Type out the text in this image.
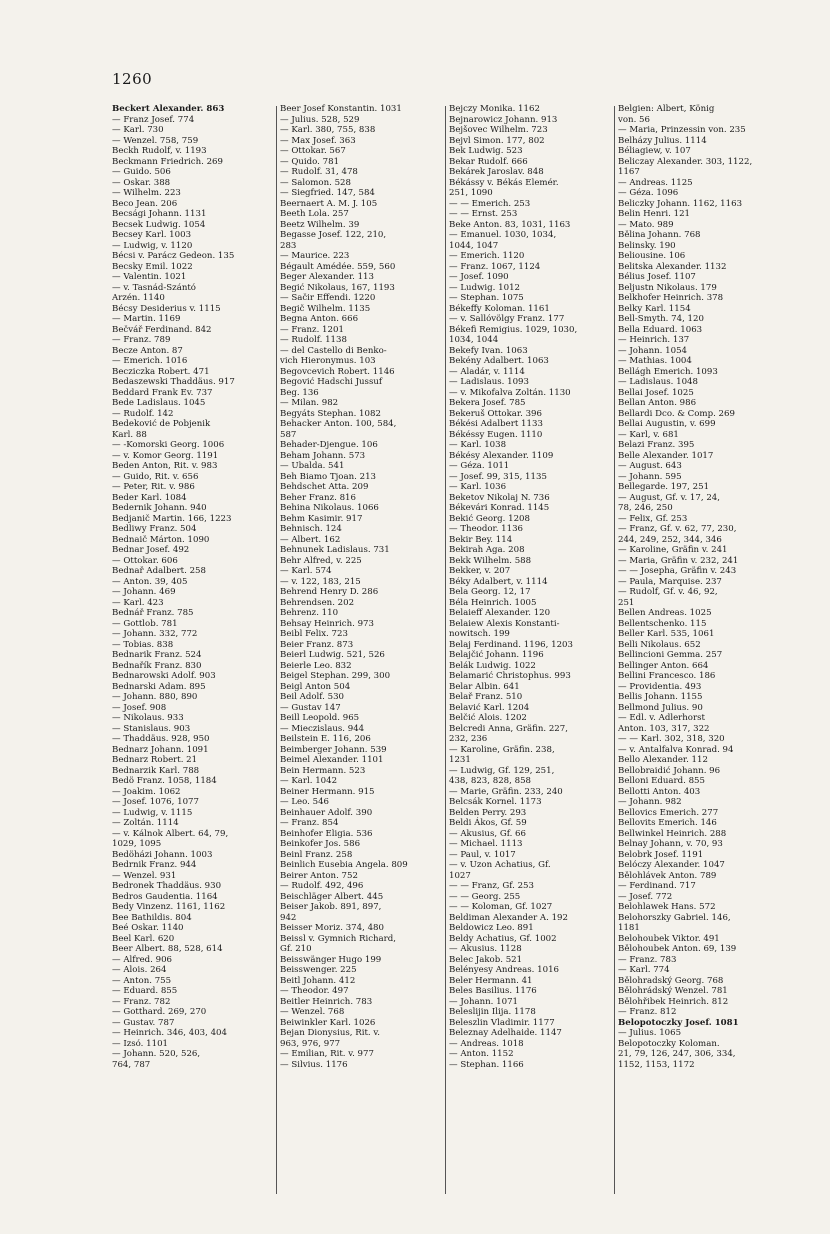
1260
Beckert Alexander. 863
— Franz Josef. 774
— Karl. 730
— Wenzel. 758, 759
Beckh Rudolf, v. 1193
Beckmann Friedrich. 269
— Guido. 506
— Oskar. 388
— Wilhelm. 223
Beco Jean. 206
Becsági Johann. 1131
Becsek Ludwig. 1054
Becsey Karl. 1003
— Ludwig, v. 1120
Bécsi v. Parácz Gedeon. 135
Becsky Emil. 1022
— Valentin. 1021
— v. Tasnád-Szántó
Arzén. 1140
Bécsy Desiderius v. 1115
— Martin. 1169
Bečvář Ferdinand. 842
— Franz. 789
Becze Anton. 87
— Emerich. 1016
Becziczka Robert. 471
Bedaszewski Thaddäus. 917
Beddard Frank Ev. 737
Bede Ladislaus. 1045
— Rudolf. 142
Bedeković de Pobjenik
Karl. 88
— -Komorski Georg. 1006
— v. Komor Georg. 1191
Beden Anton, Rit. v. 983
— Guido, Rit. v. 656
— Peter, Rit. v. 986
Beder Karl. 1084
Bedernik Johann. 940
Bedjanič Martin. 166, 1223
Bedliwy Franz. 504
Bednaič Márton. 1090
Bednar Josef. 492
— Ottokar. 606
Bednař Adalbert. 258
— Anton. 39, 405
— Johann. 469
— Karl. 423
Bednář Franz. 785
— Gottlob. 781
— Johann. 332, 772
— Tobias. 838
Bednarik Franz. 524
Bednařík Franz. 830
Bednarowski Adolf. 903
Bednarski Adam. 895
— Johann. 880, 890
— Josef. 908
— Nikolaus. 933
— Stanislaus. 903
— Thaddäus. 928, 950
Bednarz Johann. 1091
Bednarz Robert. 21
Bednarzik Karl. 788
Bedö Franz. 1058, 1184
— Joakim. 1062
— Josef. 1076, 1077
— Ludwig, v. 1115
— Zoltán. 1114
— v. Kálnok Albert. 64, 79,
1029, 1095
Bedöházi Johann. 1003
Bedrnik Franz. 944
— Wenzel. 931
Bedronek Thaddäus. 930
Bedros Gaudentia. 1164
Bedy Vinzenz. 1161, 1162
Bee Bathildis. 804
Beé Oskar. 1140
Beel Karl. 620
Beer Albert. 88, 528, 614
— Alfred. 906
— Alois. 264
— Anton. 755
— Eduard. 855
— Franz. 782
— Gotthard. 269, 270
— Gustav. 787
— Heinrich. 346, 403, 404
— Izsó. 1101
— Johann. 520, 526,
764, 787
Beer Josef Konstantin. 1031
— Julius. 528, 529
— Karl. 380, 755, 838
— Max Josef. 363
— Ottokar. 567
— Quido. 781
— Rudolf. 31, 478
— Salomon. 528
— Siegfried. 147, 584
Beernaert A. M. J. 105
Beeth Lola. 257
Beetz Wilhelm. 39
Begasse Josef. 122, 210,
283
— Maurice. 223
Bégault Amédée. 559, 560
Beger Alexander. 113
Begić Nikolaus, 167, 1193
— Sačir Effendi. 1220
Begič Wilhelm. 1135
Begna Anton. 666
— Franz. 1201
— Rudolf. 1138
— del Castello di Benko-
vich Hieronymus. 103
Begovcevich Robert. 1146
Begović Hadschi Jussuf
Beg. 136
— Milan. 982
Begyáts Stephan. 1082
Behacker Anton. 100, 584,
587
Behader-Djengue. 106
Beham Johann. 573
— Ubalda. 541
Beh Biamo Tjoan. 213
Behdschet Atta. 209
Beher Franz. 816
Behina Nikolaus. 1066
Behm Kasimir. 917
Behnisch. 124
— Albert. 162
Behnunek Ladislaus. 731
Behr Alfred, v. 225
— Karl. 574
— v. 122, 183, 215
Behrend Henry D. 286
Behrendsen. 202
Behrenz. 110
Behsay Heinrich. 973
Beibl Felix. 723
Beier Franz. 873
Beierl Ludwig. 521, 526
Beierle Leo. 832
Beigel Stephan. 299, 300
Beigl Anton 504
Beil Adolf. 530
— Gustav 147
Beill Leopold. 965
— Mieczislaus. 944
Beilstein E. 116, 206
Beimberger Johann. 539
Beimel Alexander. 1101
Bein Hermann. 523
— Karl. 1042
Beiner Hermann. 915
— Leo. 546
Beinhauer Adolf. 390
— Franz. 854
Beinhofer Eligia. 536
Beinkofer Jos. 586
Beinl Franz. 258
Beinlich Eusebia Angela. 809
Beirer Anton. 752
— Rudolf. 492, 496
Beischläger Albert. 445
Beiser Jakob. 891, 897,
942
Beisser Moriz. 374, 480
Beissl v. Gymnich Richard,
Gf. 210
Beisswänger Hugo 199
Beisswenger. 225
Beitl Johann. 412
— Theodor. 497
Beitler Heinrich. 783
— Wenzel. 768
Beiwinkler Karl. 1026
Bejan Dionysius, Rit. v.
963, 976, 977
— Emilian, Rit. v. 977
— Silvius. 1176
Bejczy Monika. 1162
Bejnarowicz Johann. 913
Bejšovec Wilhelm. 723
Bejvl Simon. 177, 802
Bek Ludwig. 523
Bekar Rudolf. 666
Bekárek Jaroslav. 848
Békássy v. Békás Elemér.
251, 1090
— — Emerich. 253
— — Ernst. 253
Beke Anton. 83, 1031, 1163
— Emanuel. 1030, 1034,
1044, 1047
— Emerich. 1120
— Franz. 1067, 1124
— Josef. 1090
— Ludwig. 1012
— Stephan. 1075
Békeffy Koloman. 1161
— v. Sallóvölgy Franz. 177
Békefi Remigius. 1029, 1030,
1034, 1044
Bekefy Ivan. 1063
Bekény Adalbert. 1063
— Aladár, v. 1114
— Ladislaus. 1093
— v. Mikofalva Zoltán. 1130
Bekera Josef. 785
Bekeruš Ottokar. 396
Békési Adalbert 1133
Békéssy Eugen. 1110
— Karl. 1038
Békésy Alexander. 1109
— Géza. 1011
— Josef. 99, 315, 1135
— Karl. 1036
Beketov Nikolaj N. 736
Békevári Konrad. 1145
Bekić Georg. 1208
— Theodor. 1136
Bekir Bey. 114
Bekirah Aga. 208
Bekk Wilhelm. 588
Bekker, v. 207
Béky Adalbert, v. 1114
Bela Georg. 12, 17
Béla Heinrich. 1005
Belaieff Alexander. 120
Belaiew Alexis Konstanti-
nowitsch. 199
Belaj Ferdinand. 1196, 1203
Belajčić Johann. 1196
Belák Ludwig. 1022
Belamarić Christophus. 993
Belar Albin. 641
Belař Franz. 510
Belavić Karl. 1204
Belčić Alois. 1202
Belcredi Anna, Gräfin. 227,
232, 236
— Karoline, Gräfin. 238,
1231
— Ludwig, Gf. 129, 251,
438, 823, 828, 858
— Marie, Gräfin. 233, 240
Belcsák Kornel. 1173
Belden Perry. 293
Beldi Ákos, Gf. 59
— Akusius, Gf. 66
— Michael. 1113
— Paul, v. 1017
— v. Uzon Achatius, Gf.
1027
— — Franz, Gf. 253
— — Georg. 255
— — Koloman, Gf. 1027
Beldiman Alexander A. 192
Beldowicz Leo. 891
Beldy Achatius, Gf. 1002
— Akusius. 1128
Belec Jakob. 521
Belényesy Andreas. 1016
Beler Hermann. 41
Beles Basilius. 1176
— Johann. 1071
Beleslijin Ilija. 1178
Beleszlin Vladimir. 1177
Beleznay Adelhaide. 1147
— Andreas. 1018
— Anton. 1152
— Stephan. 1166
Belgien: Albert, König
von. 56
— Maria, Prinzessin von. 235
Belházy Julius. 1114
Béliagiew, v. 107
Beliczay Alexander. 303, 1122,
1167
— Andreas. 1125
— Géza. 1096
Beliczky Johann. 1162, 1163
Belin Henri. 121
— Mato. 989
Bělina Johann. 768
Belinsky. 190
Beliousine. 106
Belitska Alexander. 1132
Bélius Josef. 1107
Beljustn Nikolaus. 179
Belkhofer Heinrich. 378
Belky Karl. 1154
Bell-Smyth. 74, 120
Bella Eduard. 1063
— Heinrich. 137
— Johann. 1054
— Mathias. 1004
Bellágh Emerich. 1093
— Ladislaus. 1048
Bellai Josef. 1025
Bellan Anton. 986
Bellardi Dco. & Comp. 269
Bellai Augustin, v. 699
— Karl, v. 681
Belazi Franz. 395
Belle Alexander. 1017
— August. 643
— Johann. 595
Bellegarde. 197, 251
— August, Gf. v. 17, 24,
78, 246, 250
— Felix, Gf. 253
— Franz, Gf. v. 62, 77, 230,
244, 249, 252, 344, 346
— Karoline, Gräfin v. 241
— Maria, Gräfin v. 232, 241
— — Josepha, Gräfin v. 243
— Paula, Marquise. 237
— Rudolf, Gf. v. 46, 92,
251
Bellen Andreas. 1025
Bellentschenko. 115
Beller Karl. 535, 1061
Belli Nikolaus. 652
Bellincioni Gemma. 257
Bellinger Anton. 664
Bellini Francesco. 186
— Providentia. 493
Bellis Johann. 1155
Bellmond Julius. 90
— Edl. v. Adlerhorst
Anton. 103, 317, 322
— — Karl. 302, 318, 320
— v. Antalfalva Konrad. 94
Bello Alexander. 112
Bellobraidić Johann. 96
Belloni Eduard. 855
Bellotti Anton. 403
— Johann. 982
Bellovics Emerich. 277
Bellovits Emerich. 146
Bellwinkel Heinrich. 288
Belnay Johann, v. 70, 93
Belobrk Josef. 1191
Belóczy Alexander. 1047
Bělohlávek Anton. 789
— Ferdinand. 717
— Josef. 772
Belohlawek Hans. 572
Belohorszky Gabriel. 146,
1181
Belohoubek Viktor. 491
Bělohoubek Anton. 69, 139
— Franz. 783
— Karl. 774
Bělohradský Georg. 768
Bělohrádský Wenzel. 781
Bělohřibek Heinrich. 812
— Franz. 812
Belopotoczky Josef. 1081
— Julius. 1065
Belopotoczky Koloman.
21, 79, 126, 247, 306, 334,
1152, 1153, 1172
